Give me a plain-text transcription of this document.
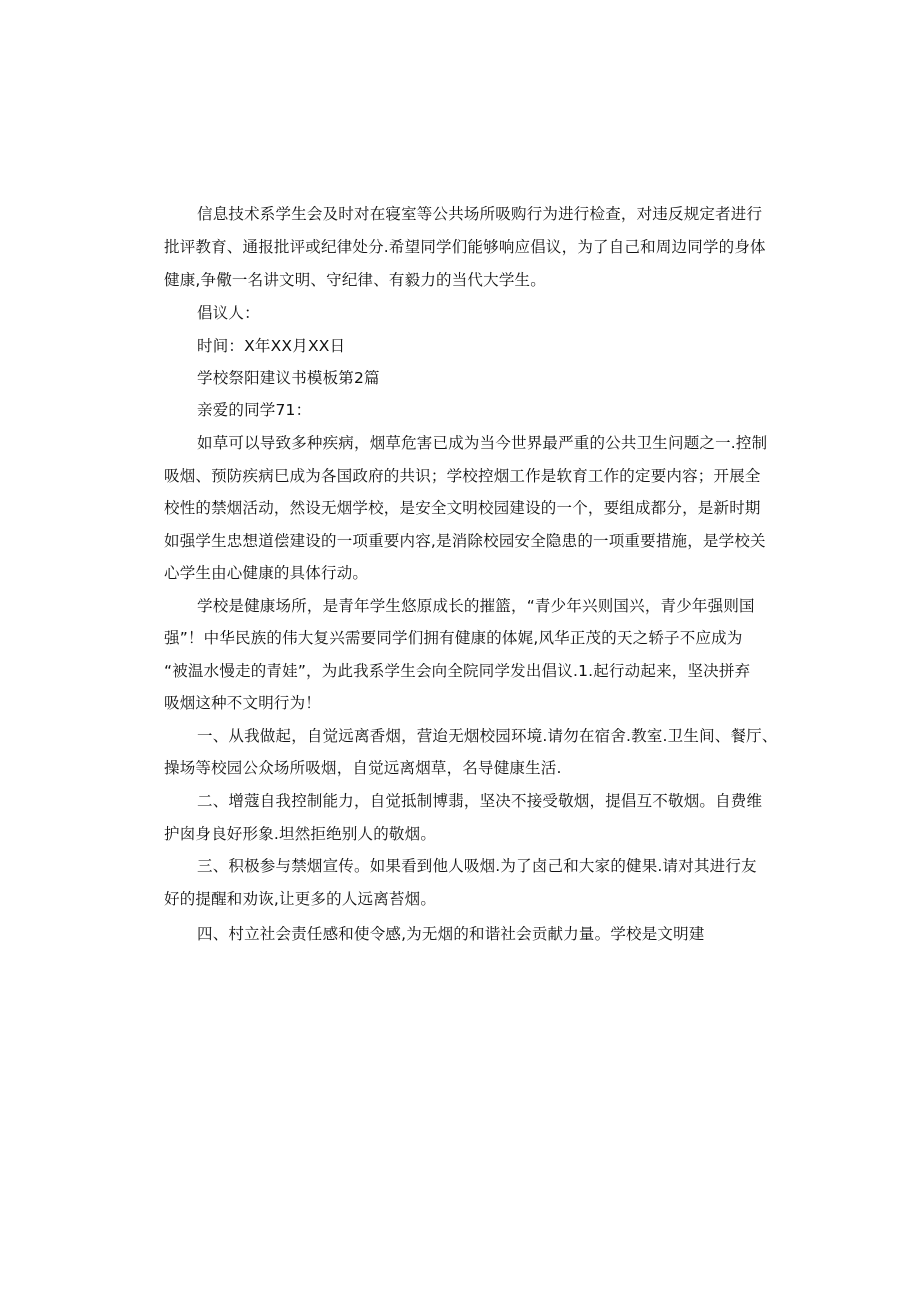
信息技术系学生会及时对在寝室等公共场所吸购行为进行检查，对违反规定者进行
批评教育、通报批评或纪律处分.希望同学们能够响应倡议，为了自己和周边同学的身体
健康,争儆一名讲文明、守纪律、有毅力的当代大学生。
倡议人：
时间：X年XX月XX日
学校祭阳建议书模板第2篇
亲爱的同学71：
如草可以导致多种疾病，烟草危害已成为当今世界最严重的公共卫生问题之一.控制
吸烟、预防疾病巳成为各国政府的共识；学校控烟工作是软育工作的定要内容；开展全
校性的禁烟活动，然设无烟学校，是安全文明校园建设的一个，要组成都分，是新时期
如强学生忠想道偿建设的一项重要内容,是消除校园安全隐患的一项重要措施，是学校关
心学生由心健康的具体行动。
学校是健康场所，是青年学生悠原成长的摧篮，“青少年兴则国兴，青少年强则国
强”！中华民族的伟大复兴需要同学们拥有健康的体娓,风华正茂的天之轿子不应成为
“被温水慢走的青娃”，为此我系学生会向全院同学发出倡议.1.起行动起来，坚决拼弃
吸烟这种不文明行为！
一、从我做起，自觉远离香烟，营迨无烟校园环境.请勿在宿舍.教室.卫生间、餐厅、
操场等校园公众场所吸烟，自觉远离烟草，名导健康生活.
二、增蔻自我控制能力，自觉抵制博翡，坚决不接受敬烟，提倡互不敬烟。自费维
护囱身良好形象.坦然拒绝别人的敬烟。
三、积极参与禁烟宣传。如果看到他人吸烟.为了卤己和大家的健果.请对其进行友
好的提醒和劝诙,让更多的人远离苔烟。
四、村立社会责任感和使令感,为无烟的和谐社会贡献力量。学校是文明建
